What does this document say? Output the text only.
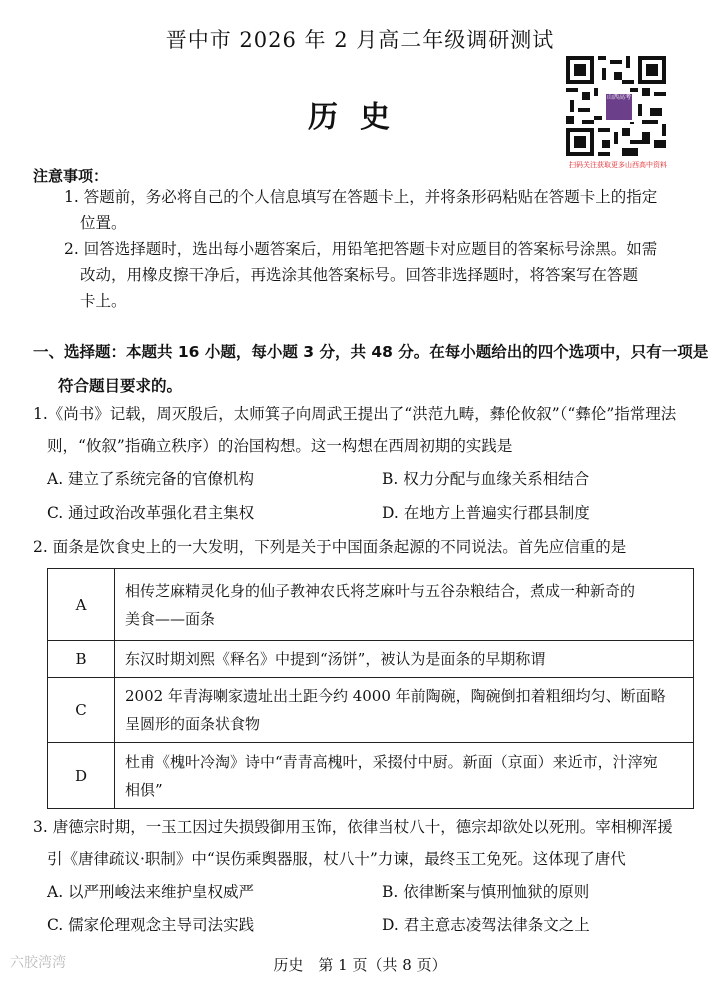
晋中市 2026 年 2 月高二年级调研测试
历史
山西高考
扫码关注获取更多山西高中资料
注意事项：
1. 答题前，务必将自己的个人信息填写在答题卡上，并将条形码粘贴在答题卡上的指定
位置。
2. 回答选择题时，选出每小题答案后，用铅笔把答题卡对应题目的答案标号涂黑。如需
改动，用橡皮擦干净后，再选涂其他答案标号。回答非选择题时，将答案写在答题
卡上。
一、选择题：本题共 16 小题，每小题 3 分，共 48 分。在每小题给出的四个选项中，只有一项是
符合题目要求的。
1.《尚书》记载，周灭殷后，太师箕子向周武王提出了“洪范九畴，彝伦攸叙”（“彝伦”指常理法
则，“攸叙”指确立秩序）的治国构想。这一构想在西周初期的实践是
A. 建立了系统完备的官僚机构	B. 权力分配与血缘关系相结合
C. 通过政治改革强化君主集权	D. 在地方上普遍实行郡县制度
2. 面条是饮食史上的一大发明，下列是关于中国面条起源的不同说法。首先应信重的是
A	相传芝麻精灵化身的仙子教神农氏将芝麻叶与五谷杂粮结合，煮成一种新奇的
美食——面条

B	东汉时期刘熙《释名》中提到“汤饼”，被认为是面条的早期称谓

C	2002 年青海喇家遗址出土距今约 4000 年前陶碗，陶碗倒扣着粗细均匀、断面略
呈圆形的面条状食物

D	杜甫《槐叶冷淘》诗中“青青高槐叶，采掇付中厨。新面（京面）来近市，汁滓宛
相俱”
3. 唐德宗时期，一玉工因过失损毁御用玉饰，依律当杖八十，德宗却欲处以死刑。宰相柳浑援
引《唐律疏议·职制》中“误伤乘舆器服，杖八十”力谏，最终玉工免死。这体现了唐代
A. 以严刑峻法来维护皇权威严	B. 依律断案与慎刑恤狱的原则
C. 儒家伦理观念主导司法实践	D. 君主意志凌驾法律条文之上
六胶湾湾	历史　第 1 页（共 8 页）
